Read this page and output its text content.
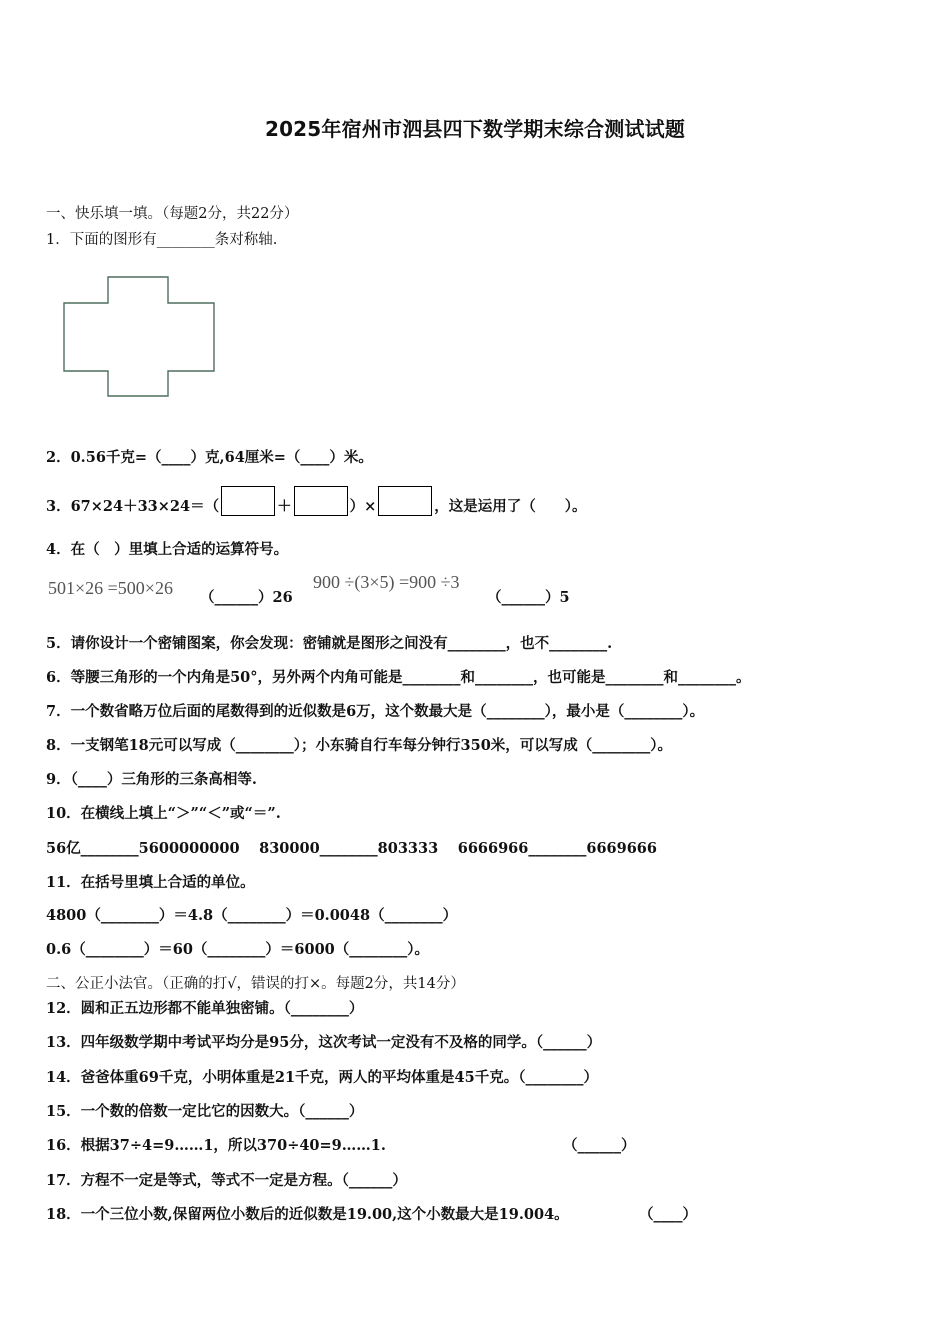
2025年宿州市泗县四下数学期末综合测试试题
一、快乐填一填。（每题2分，共22分）
1．下面的图形有________条对称轴.
2．0.56千克=（____）克,64厘米=（____）米。
3．67×24＋33×24＝（	＋	）×	，这是运用了（　　）。
4．在（　）里填上合适的运算符号。
501×26 =500×26 （______）26
900 ÷(3×5) =900 ÷3
（______）5
5．请你设计一个密铺图案，你会发现：密铺就是图形之间没有________，也不________.
6．等腰三角形的一个内角是50°，另外两个内角可能是________和________，也可能是________和________。
7．一个数省略万位后面的尾数得到的近似数是6万，这个数最大是（________），最小是（________）。
8．一支钢笔18元可以写成（________）；小东骑自行车每分钟行350米，可以写成（________）。
9．（____）三角形的三条高相等.
10．在横线上填上“＞”“＜”或“＝”.
56亿________5600000000　 830000________803333　 6666966________6669666
11．在括号里填上合适的单位。
4800（________）＝4.8（________）＝0.0048（________）
0.6（________）＝60（________）＝6000（________）。
二、公正小法官。（正确的打√，错误的打×。每题2分，共14分）
12．圆和正五边形都不能单独密铺。（________）
13．四年级数学期中考试平均分是95分，这次考试一定没有不及格的同学。（______）
14．爸爸体重69千克，小明体重是21千克，两人的平均体重是45千克。（________）
15．一个数的倍数一定比它的因数大。（______）
16．根据37÷4=9……1，所以370÷40=9……1.	（______）
17．方程不一定是等式，等式不一定是方程。（______）
18．一个三位小数,保留两位小数后的近似数是19.00,这个小数最大是19.004。	（____）
